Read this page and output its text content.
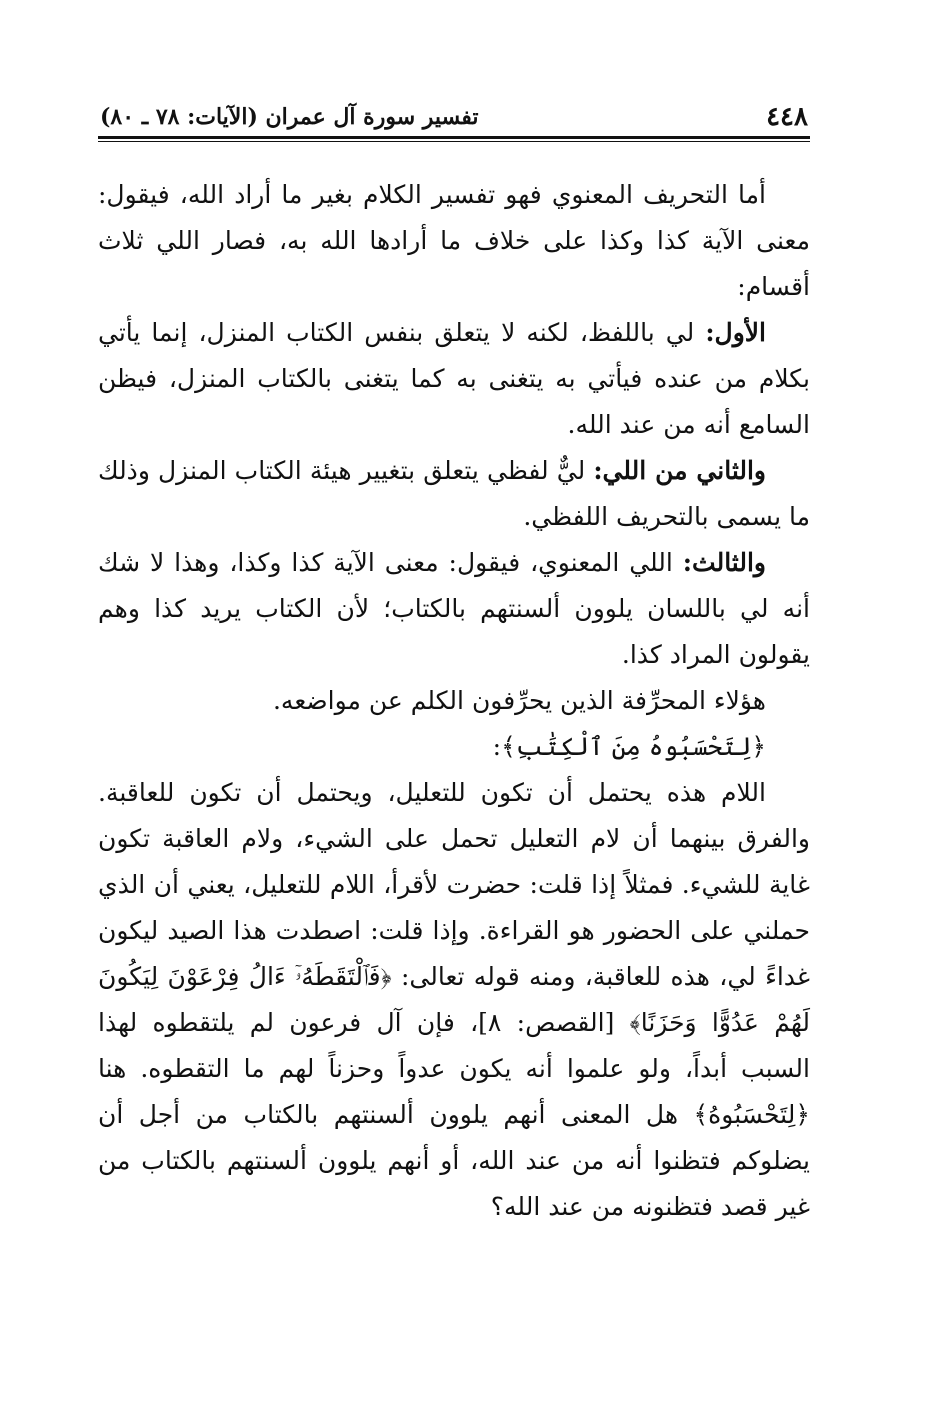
٤٤٨
تفسير سورة آل عمران (الآيات: ٧٨ ـ ٨٠)

أما التحريف المعنوي فهو تفسير الكلام بغير ما أراد الله، فيقول: معنى الآية كذا وكذا على خلاف ما أرادها الله به، فصار اللي ثلاث أقسام:

الأول: لي باللفظ، لكنه لا يتعلق بنفس الكتاب المنزل، إنما يأتي بكلام من عنده فيأتي به يتغنى به كما يتغنى بالكتاب المنزل، فيظن السامع أنه من عند الله.

والثاني من اللي: ليٌّ لفظي يتعلق بتغيير هيئة الكتاب المنزل وذلك ما يسمى بالتحريف اللفظي.

والثالث: اللي المعنوي، فيقول: معنى الآية كذا وكذا، وهذا لا شك أنه لي باللسان يلوون ألسنتهم بالكتاب؛ لأن الكتاب يريد كذا وهم يقولون المراد كذا.

هؤلاء المحرِّفة الذين يحرِّفون الكلم عن مواضعه.

﴿لِتَحْسَبُوهُ مِنَ ٱلْكِتَٰبِ﴾:

اللام هذه يحتمل أن تكون للتعليل، ويحتمل أن تكون للعاقبة. والفرق بينهما أن لام التعليل تحمل على الشيء، ولام العاقبة تكون غاية للشيء. فمثلاً إذا قلت: حضرت لأقرأ، اللام للتعليل، يعني أن الذي حملني على الحضور هو القراءة. وإذا قلت: اصطدت هذا الصيد ليكون غداءً لي، هذه للعاقبة، ومنه قوله تعالى: ﴿فَٱلْتَقَطَهُۥٓ ءَالُ فِرْعَوْنَ لِيَكُونَ لَهُمْ عَدُوًّا وَحَزَنًا﴾ [القصص: ٨]، فإن آل فرعون لم يلتقطوه لهذا السبب أبداً، ولو علموا أنه يكون عدواً وحزناً لهم ما التقطوه. هنا ﴿لِتَحْسَبُوهُ﴾ هل المعنى أنهم يلوون ألسنتهم بالكتاب من أجل أن يضلوكم فتظنوا أنه من عند الله، أو أنهم يلوون ألسنتهم بالكتاب من غير قصد فتظنونه من عند الله؟
